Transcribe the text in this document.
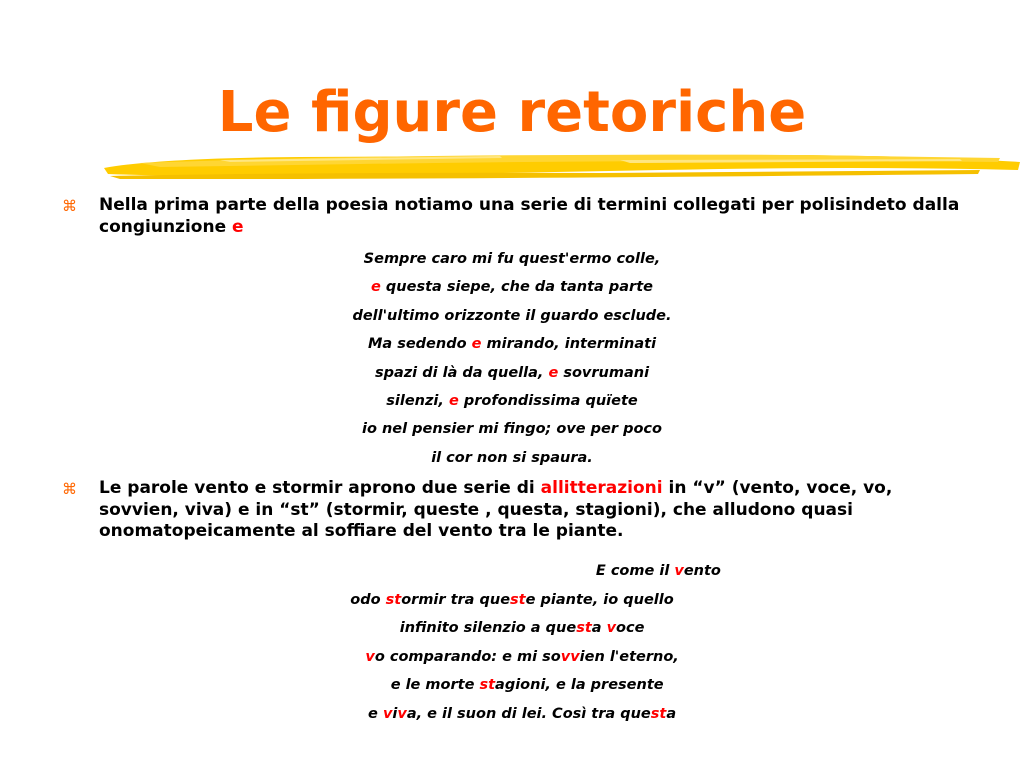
Le figure retoriche
⌘ Nella prima parte della poesia notiamo una serie di termini collegati per polisindeto dalla congiunzione e

Sempre caro mi fu quest'ermo colle,
e questa siepe, che da tanta parte
dell'ultimo orizzonte il guardo esclude.
Ma sedendo e mirando, interminati
spazi di là da quella, e sovrumani
silenzi, e profondissima quïete
io nel pensier mi fingo; ove per poco
il cor non si spaura.
⌘ Le parole vento e stormir aprono due serie di allitterazioni in “v” (vento, voce, vo, sovvien, viva) e in “st” (stormir, queste , questa, stagioni), che alludono quasi onomatopeicamente al soffiare del vento tra le piante.

E come il vento
odo stormir tra queste piante, io quello
infinito silenzio a questa voce
vo comparando: e mi sovvien l'eterno,
e le morte stagioni, e la presente
e viva, e il suon di lei. Così tra questa
